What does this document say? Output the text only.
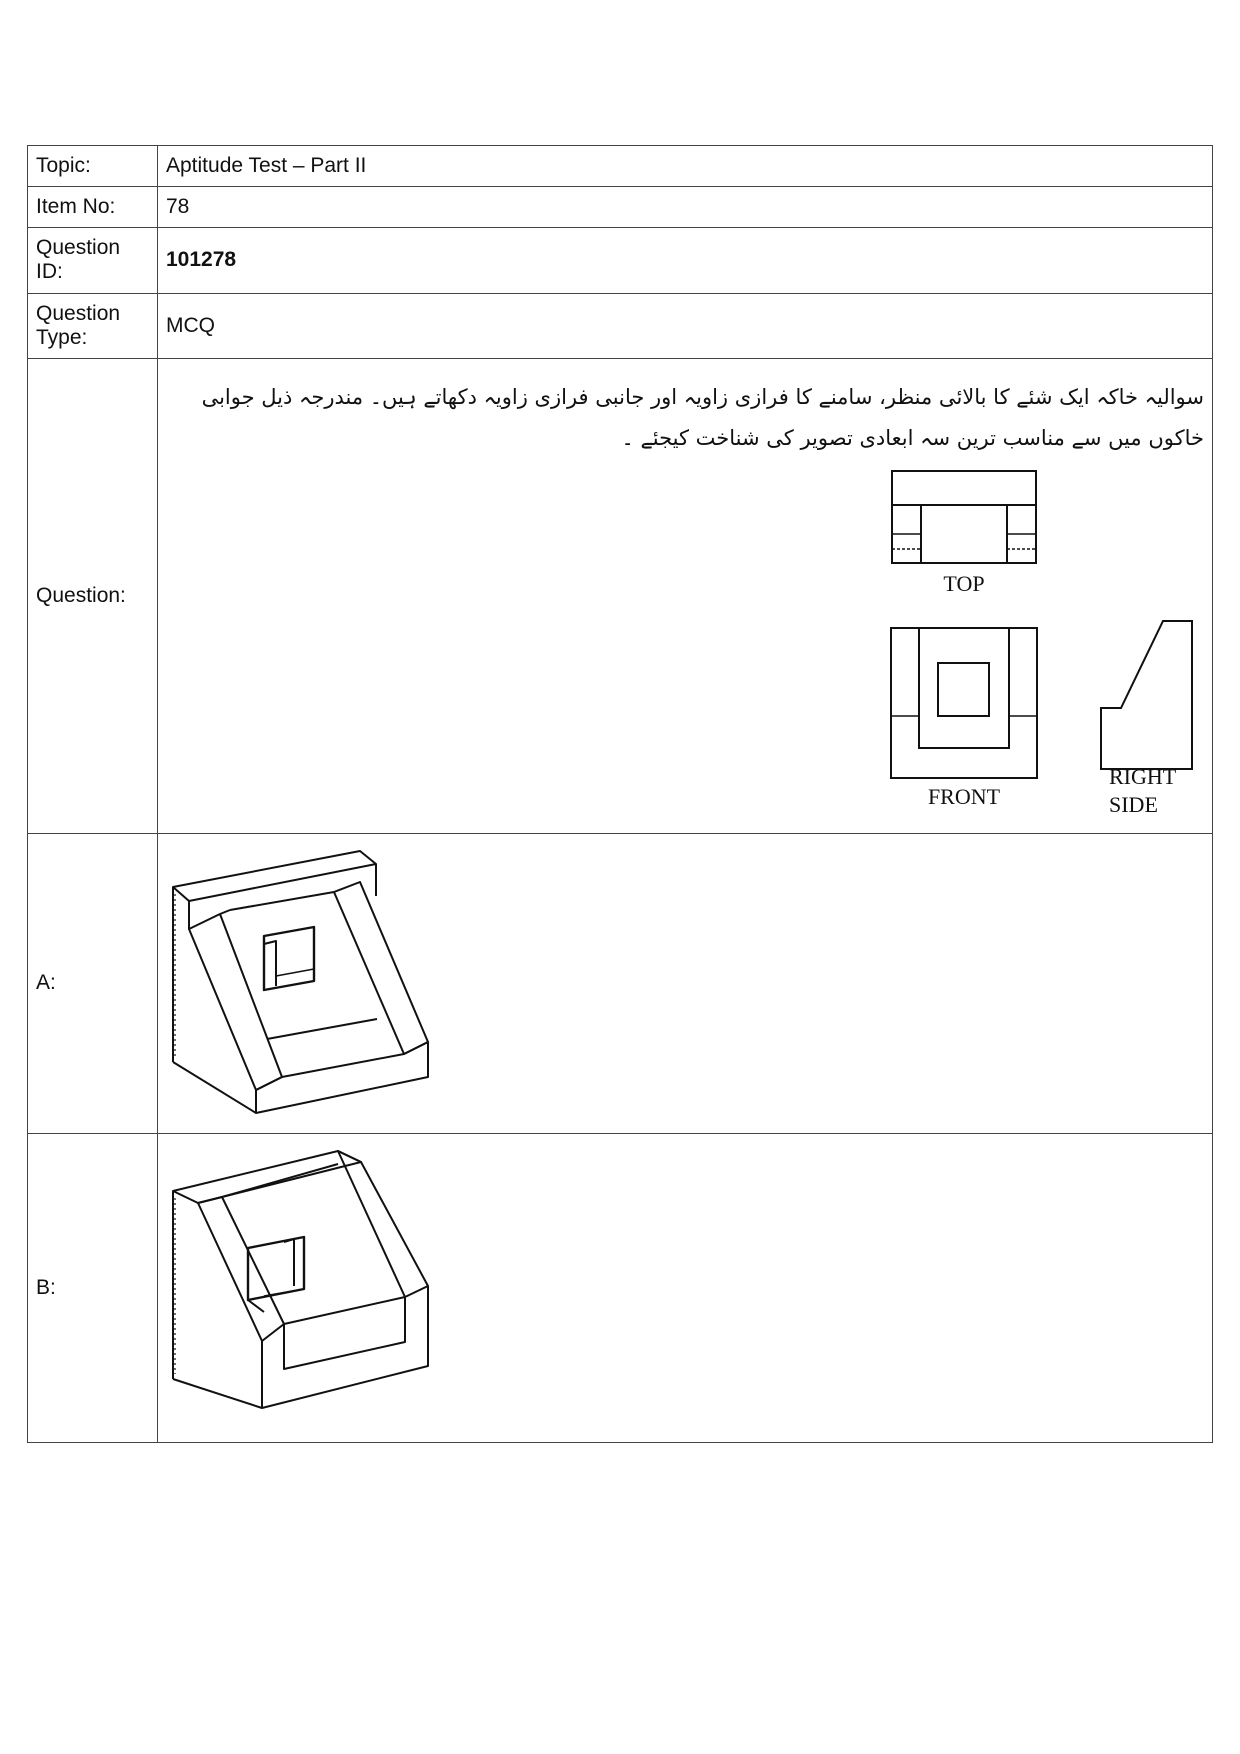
Topic:	Aptitude Test – Part II
Item No:	78
Question ID:	101278
Question Type:	MCQ
Question:	سوالیہ خاکہ ایک شئے کا بالائی منظر، سامنے کا فرازی زاویہ اور جانبی فرازی زاویہ دکھاتے ہیں۔ مندرجہ ذیل جوابی خاکوں میں سے مناسب ترین سہ ابعادی تصویر کی شناخت کیجئے ۔
TOP
FRONT
RIGHT
SIDE

A:	

B:	
